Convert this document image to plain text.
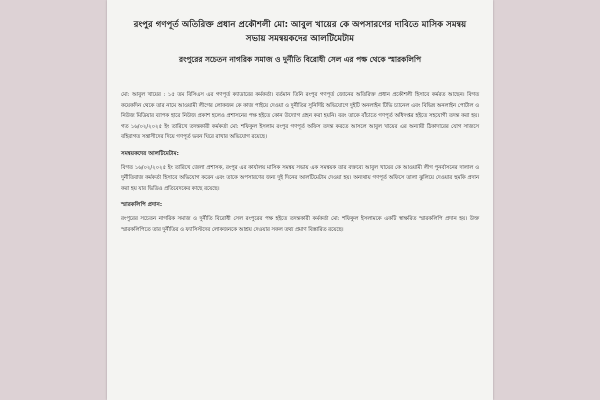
রংপুর গণপূর্ত অতিরিক্ত প্রধান প্রকৌশলী মো: আবুল খায়ের কে অপসারণের দাবিতে মাসিক সমন্বয় সভায় সমন্বয়কদের আলটিমেটাম
রংপুরের সচেতন নাগরিক সমাজ ও দুর্নীতি বিরোধী সেল এর পক্ষ থেকে স্মারকলিপি

মো: আবুল খায়ের : ১৫ তম বিসিএস এর গণপূর্ত ক্যাডারের কর্মকর্তা। বর্তমান তিনি রংপুর গণপূর্ত জোনের অতিরিক্ত প্রধান প্রকৌশলী হিসাবে কর্মরত আছেন। বিগত কয়েকদিন থেকে তার নামে আওয়ামী লীগের লোকজন কে কাজ পাইয়ে দেওয়া ও দুর্নীতির সুনির্দিষ্ট অভিযোগে দুইটি অনলাইন টিভি চ্যানেল এবং বিভিন্ন অনলাইন পোর্টাল ও নিউজ মিডিয়ার ব্যাপক হারে নিউজ প্রকাশ হলেও প্রশাসনের পক্ষ হইতে কোন উদ্যোগ গ্রহন করা হয়নি। বরং তাকে বাঁচাতে গণপূর্ত অধিদপ্তর হইতে সহযোগী তদন্ত করা হয়। গত ১৬/০২/২০২৫ ইং তারিখে তদন্তকারী কর্মকর্তা মো: শফিকুল ইসলাম রংপুর গণপূর্ত অফিস তদন্ত করতে আসলে আবুল খায়ের এর অন্যায়ী ঠিকাদারের যোগ সাজসে বহিরাগত সন্ত্রাসীদের দিয়ে গণপূর্ত ভবন ঘিরে রাখার অভিযোগ রয়েছে।

সমন্বয়কদের আলটিমেটাম:

বিগত ১৬/০২/২০২৫ ইং তারিখে জেলা প্রশাসক, রংপুর এর কার্যালয় মাসিক সমন্বয় সভায় এক সমন্বয়ক তার বক্তব্যে আবুল খায়ের কে আওয়ামী লীগ পুনর্বাসনের দালাল ও দুর্নীতিবাজ কর্মকর্তা হিসাবে অভিযোগ করেন এবং তাকে অপসারণের জন্য দুই দিনের আলটিমেটাম দেওয়া হয়। অন্যথায় গণপূর্ত অফিসে তালা ঝুলিয়ে দেওয়ার হুমকি প্রদান করা হয় যার ভিডিও প্রতিবেদকের কাছে রয়েছে।

স্মারকলিপি প্রদান:

রংপুরের সচেতন নাগরিক সমাজ ও দুর্নীতি বিরোধী সেল রংপুরের পক্ষ হইতে তদন্তকারী কর্মকর্তা মো: শফিকুল ইসলামকে একটি স্বাক্ষরিত স্মারকলিপি প্রদান হয়। উক্ত স্মারকলিপিতে তার দুর্নীতির ও ফ্যাসিস্টদের লোকজনকে আশ্রয় দেওয়ার সকল তথ্য প্রমাণ বিস্তারিত রয়েছে।
